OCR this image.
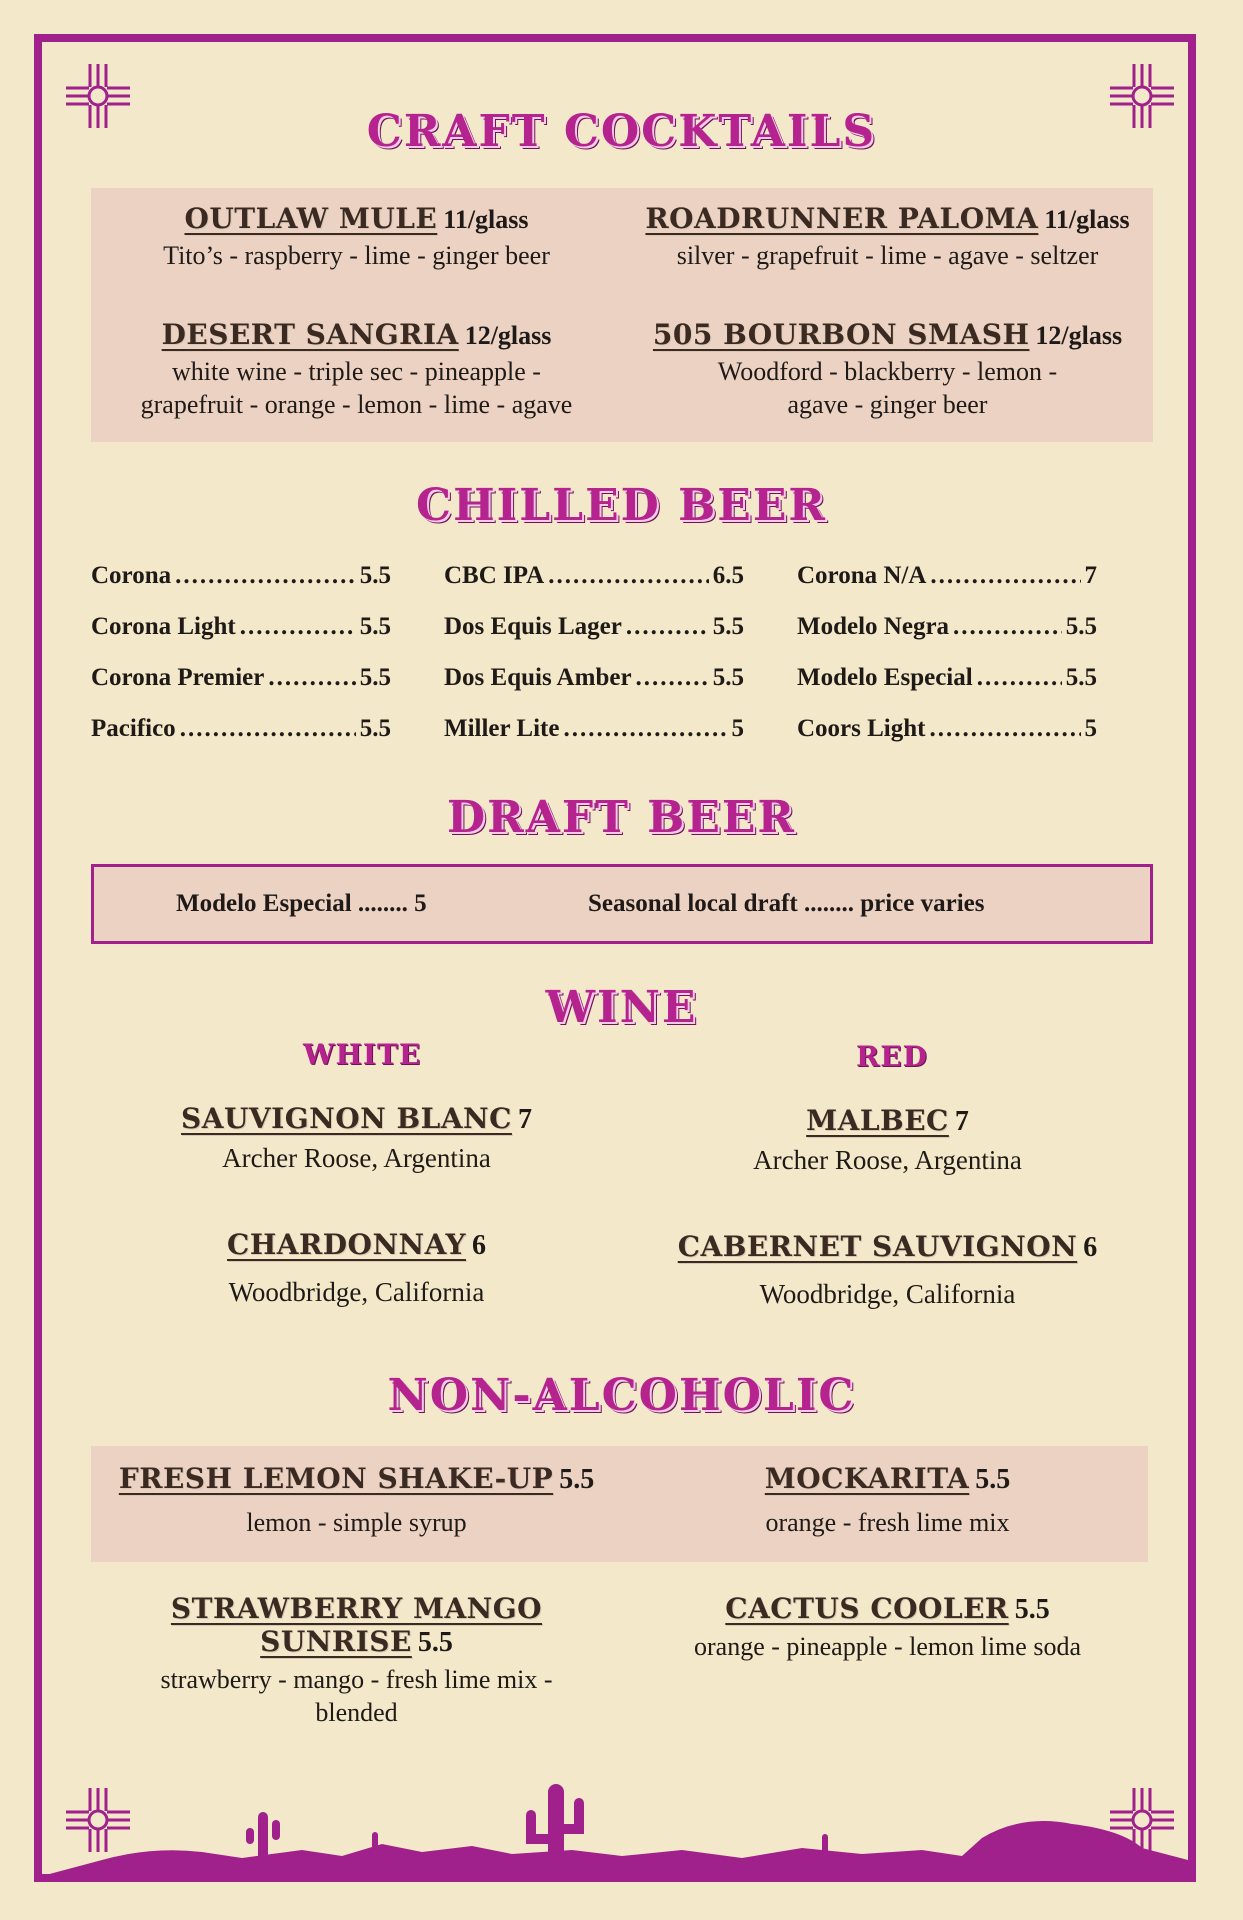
CRAFT COCKTAILS
OUTLAW MULE 11/glass
Tito’s - raspberry - lime - ginger beer
ROADRUNNER PALOMA 11/glass
silver - grapefruit - lime - agave - seltzer
DESERT SANGRIA 12/glass
white wine - triple sec - pineapple -
grapefruit - orange - lemon - lime - agave
505 BOURBON SMASH 12/glass
Woodford - blackberry - lemon -
agave - ginger beer
CHILLED BEER
Corona .....	5.5
Corona Light .....	5.5
Corona Premier .....	5.5
Pacifico .....	5.5
CBC IPA .....	6.5
Dos Equis Lager .....	5.5
Dos Equis Amber .....	5.5
Miller Lite .....	5
Corona N/A .....	7
Modelo Negra .....	5.5
Modelo Especial .....	5.5
Coors Light .....	5
DRAFT BEER
Modelo Especial ........ 5	Seasonal local draft ........ price varies
WINE
WHITE	RED
SAUVIGNON BLANC 7
Archer Roose, Argentina
MALBEC 7
Archer Roose, Argentina
CHARDONNAY 6
Woodbridge, California
CABERNET SAUVIGNON 6
Woodbridge, California
NON-ALCOHOLIC
FRESH LEMON SHAKE-UP 5.5
lemon - simple syrup
MOCKARITA 5.5
orange - fresh lime mix
STRAWBERRY MANGO SUNRISE 5.5
strawberry - mango - fresh lime mix -
blended
CACTUS COOLER 5.5
orange - pineapple - lemon lime soda
